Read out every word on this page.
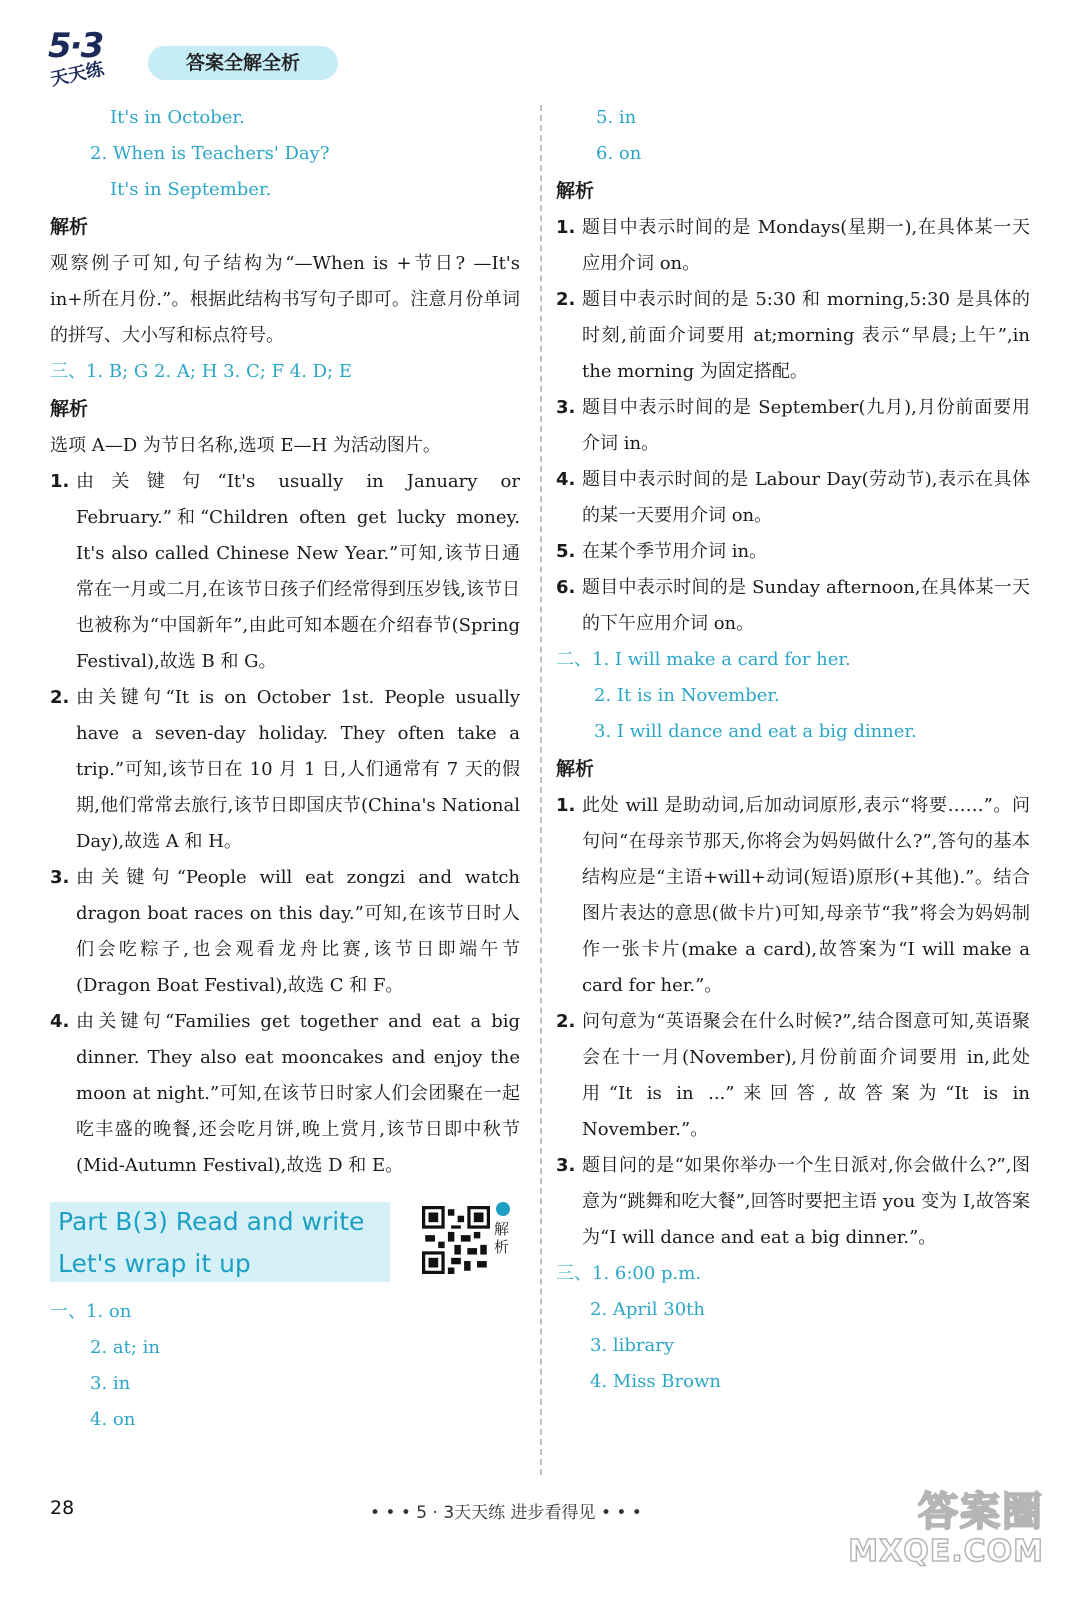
5·3
天天练	答案全解全析
It's in October.
2. When is Teachers' Day?
It's in September.
解析
观察例子可知,句子结构为“—When is +节日? —It's in+所在月份.”。根据此结构书写句子即可。注意月份单词的拼写、大小写和标点符号。
三、1. B; G 2. A; H 3. C; F 4. D; E
解析
选项 A—D 为节日名称,选项 E—H 为活动图片。
1. 由关键句“It's usually in January or February.”和“Children often get lucky money. It's also called Chinese New Year.”可知,该节日通常在一月或二月,在该节日孩子们经常得到压岁钱,该节日也被称为“中国新年”,由此可知本题在介绍春节(Spring Festival),故选 B 和 G。
2. 由关键句“It is on October 1st. People usually have a seven-day holiday. They often take a trip.”可知,该节日在 10 月 1 日,人们通常有 7 天的假期,他们常常去旅行,该节日即国庆节(China's National Day),故选 A 和 H。
3. 由关键句“People will eat zongzi and watch dragon boat races on this day.”可知,在该节日时人们会吃粽子,也会观看龙舟比赛,该节日即端午节(Dragon Boat Festival),故选 C 和 F。
4. 由关键句“Families get together and eat a big dinner. They also eat mooncakes and enjoy the moon at night.”可知,在该节日时家人们会团聚在一起吃丰盛的晚餐,还会吃月饼,晚上赏月,该节日即中秋节(Mid-Autumn Festival),故选 D 和 E。
Part B(3) Read and write
Let's wrap it up
解析
一、1. on
2. at; in
3. in
4. on
5. in
6. on
解析
1. 题目中表示时间的是 Mondays(星期一),在具体某一天应用介词 on。
2. 题目中表示时间的是 5:30 和 morning,5:30 是具体的时刻,前面介词要用 at;morning 表示“早晨;上午”,in the morning 为固定搭配。
3. 题目中表示时间的是 September(九月),月份前面要用介词 in。
4. 题目中表示时间的是 Labour Day(劳动节),表示在具体的某一天要用介词 on。
5. 在某个季节用介词 in。
6. 题目中表示时间的是 Sunday afternoon,在具体某一天的下午应用介词 on。
二、1. I will make a card for her.
2. It is in November.
3. I will dance and eat a big dinner.
解析
1. 此处 will 是助动词,后加动词原形,表示“将要……”。问句问“在母亲节那天,你将会为妈妈做什么?”,答句的基本结构应是“主语+will+动词(短语)原形(+其他).”。结合图片表达的意思(做卡片)可知,母亲节“我”将会为妈妈制作一张卡片(make a card),故答案为“I will make a card for her.”。
2. 问句意为“英语聚会在什么时候?”,结合图意可知,英语聚会在十一月(November),月份前面介词要用 in,此处用“It is in ...”来回答,故答案为“It is in November.”。
3. 题目问的是“如果你举办一个生日派对,你会做什么?”,图意为“跳舞和吃大餐”,回答时要把主语 you 变为 I,故答案为“I will dance and eat a big dinner.”。
三、1. 6:00 p.m.
2. April 30th
3. library
4. Miss Brown
28	• • • 5 · 3天天练 进步看得见 • • •	答案圈
MXQE.COM
